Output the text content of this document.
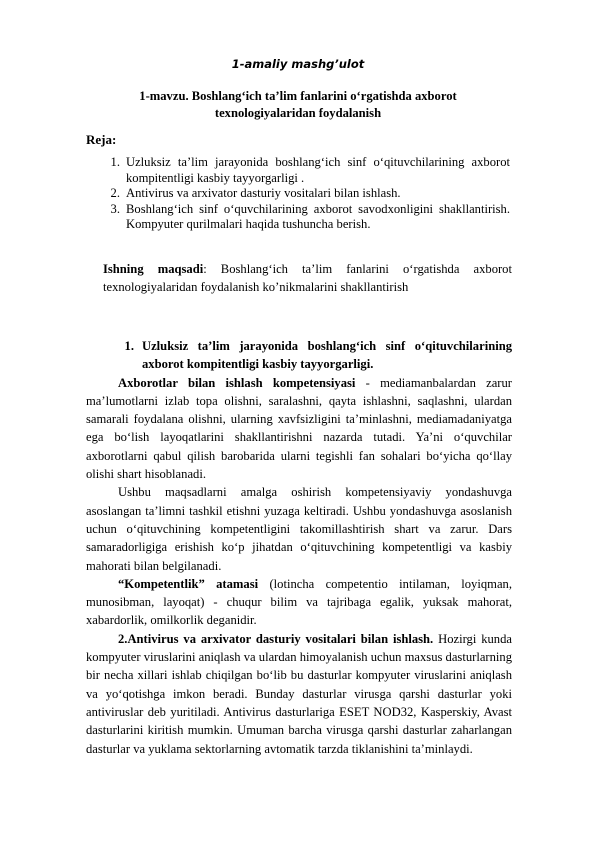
1-amaliy mashg’ulot
1-mavzu. Boshlang‘ich ta’lim fanlarini o‘rgatishda axborot
texnologiyalaridan foydalanish
Reja:
1. Uzluksiz ta’lim jarayonida boshlang‘ich sinf o‘qituvchilarining axborot kompitentligi kasbiy tayyorgarligi .
2. Antivirus va arxivator dasturiy vositalari bilan ishlash.
3. Boshlang‘ich sinf o‘quvchilarining axborot savodxonligini shakllantirish. Kompyuter qurilmalari haqida tushuncha berish.
Ishning maqsadi: Boshlang‘ich ta’lim fanlarini o‘rgatishda axborot texnologiyalaridan foydalanish ko’nikmalarini shakllantirish
1. Uzluksiz ta’lim jarayonida boshlang‘ich sinf o‘qituvchilarining axborot kompitentligi kasbiy tayyorgarligi.

Axborotlar bilan ishlash kompetensiyasi - mediamanbalardan zarur ma’lumotlarni izlab topa olishni, saralashni, qayta ishlashni, saqlashni, ulardan samarali foydalana olishni, ularning xavfsizligini ta’minlashni, mediamadaniyatga ega bo‘lish layoqatlarini shakllantirishni nazarda tutadi. Ya’ni o‘quvchilar axborotlarni qabul qilish barobarida ularni tegishli fan sohalari bo‘yicha qo‘llay olishi shart hisoblanadi.

Ushbu maqsadlarni amalga oshirish kompetensiyaviy yondashuvga asoslangan ta’limni tashkil etishni yuzaga keltiradi. Ushbu yondashuvga asoslanish uchun o‘qituvchining kompetentligini takomillashtirish shart va zarur. Dars samaradorligiga erishish ko‘p jihatdan o‘qituvchining kompetentligi va kasbiy mahorati bilan belgilanadi.

“Kompetentlik” atamasi (lotincha competentio intilaman, loyiqman, munosibman, layoqat) - chuqur bilim va tajribaga egalik, yuksak mahorat, xabardorlik, omilkorlik deganidir.

2.Antivirus va arxivator dasturiy vositalari bilan ishlash. Hozirgi kunda kompyuter viruslarini aniqlash va ulardan himoyalanish uchun maxsus dasturlarning bir necha xillari ishlab chiqilgan bo‘lib bu dasturlar kompyuter viruslarini aniqlash va yo‘qotishga imkon beradi. Bunday dasturlar virusga qarshi dasturlar yoki antiviruslar deb yuritiladi. Antivirus dasturlariga ESET NOD32, Kasperskiy, Avast dasturlarini kiritish mumkin. Umuman barcha virusga qarshi dasturlar zaharlangan dasturlar va yuklama sektorlarning avtomatik tarzda tiklanishini ta’minlaydi.
